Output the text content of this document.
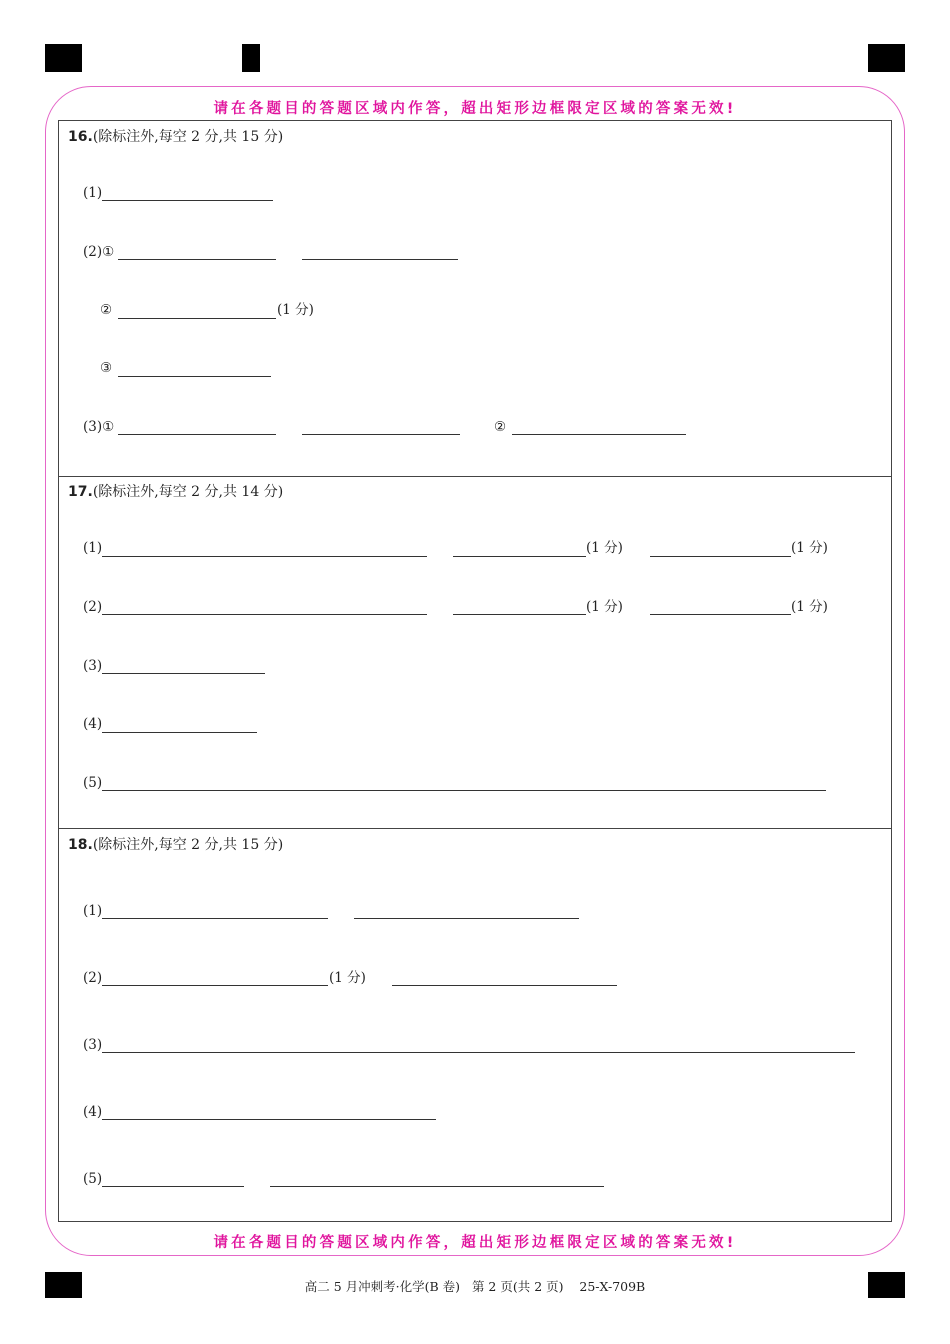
请在各题目的答题区域内作答，超出矩形边框限定区域的答案无效!
请在各题目的答题区域内作答，超出矩形边框限定区域的答案无效!
16.(除标注外,每空 2 分,共 15 分)
(1)
(2)①
②	(1 分)
③
(3)①	②
17.(除标注外,每空 2 分,共 14 分)
(1)	(1 分)	(1 分)
(2)	(1 分)	(1 分)
(3)
(4)
(5)
18.(除标注外,每空 2 分,共 15 分)
(1)
(2)	(1 分)
(3)
(4)
(5)
高二 5 月冲刺考·化学(B 卷)   第 2 页(共 2 页)    25-X-709B
